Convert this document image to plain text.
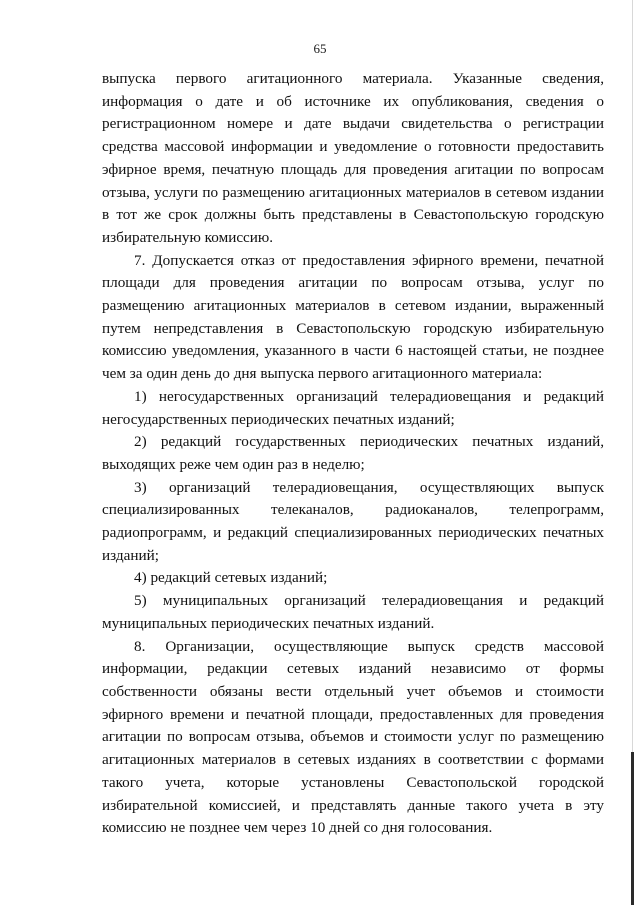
65

выпуска первого агитационного материала. Указанные сведения, информация о дате и об источнике их опубликования, сведения о регистрационном номере и дате выдачи свидетельства о регистрации средства массовой информации и уведомление о готовности предоставить эфирное время, печатную площадь для проведения агитации по вопросам отзыва, услуги по размещению агитационных материалов в сетевом издании в тот же срок должны быть представлены в Севастопольскую городскую избирательную комиссию.

7. Допускается отказ от предоставления эфирного времени, печатной площади для проведения агитации по вопросам отзыва, услуг по размещению агитационных материалов в сетевом издании, выраженный путем непредставления в Севастопольскую городскую избирательную комиссию уведомления, указанного в части 6 настоящей статьи, не позднее чем за один день до дня выпуска первого агитационного материала:

1) негосударственных организаций телерадиовещания и редакций негосударственных периодических печатных изданий;

2) редакций государственных периодических печатных изданий, выходящих реже чем один раз в неделю;

3) организаций телерадиовещания, осуществляющих выпуск специализированных телеканалов, радиоканалов, телепрограмм, радиопрограмм, и редакций специализированных периодических печатных изданий;

4) редакций сетевых изданий;

5) муниципальных организаций телерадиовещания и редакций муниципальных периодических печатных изданий.

8. Организации, осуществляющие выпуск средств массовой информации, редакции сетевых изданий независимо от формы собственности обязаны вести отдельный учет объемов и стоимости эфирного времени и печатной площади, предоставленных для проведения агитации по вопросам отзыва, объемов и стоимости услуг по размещению агитационных материалов в сетевых изданиях в соответствии с формами такого учета, которые установлены Севастопольской городской избирательной комиссией, и представлять данные такого учета в эту комиссию не позднее чем через 10 дней со дня голосования.
